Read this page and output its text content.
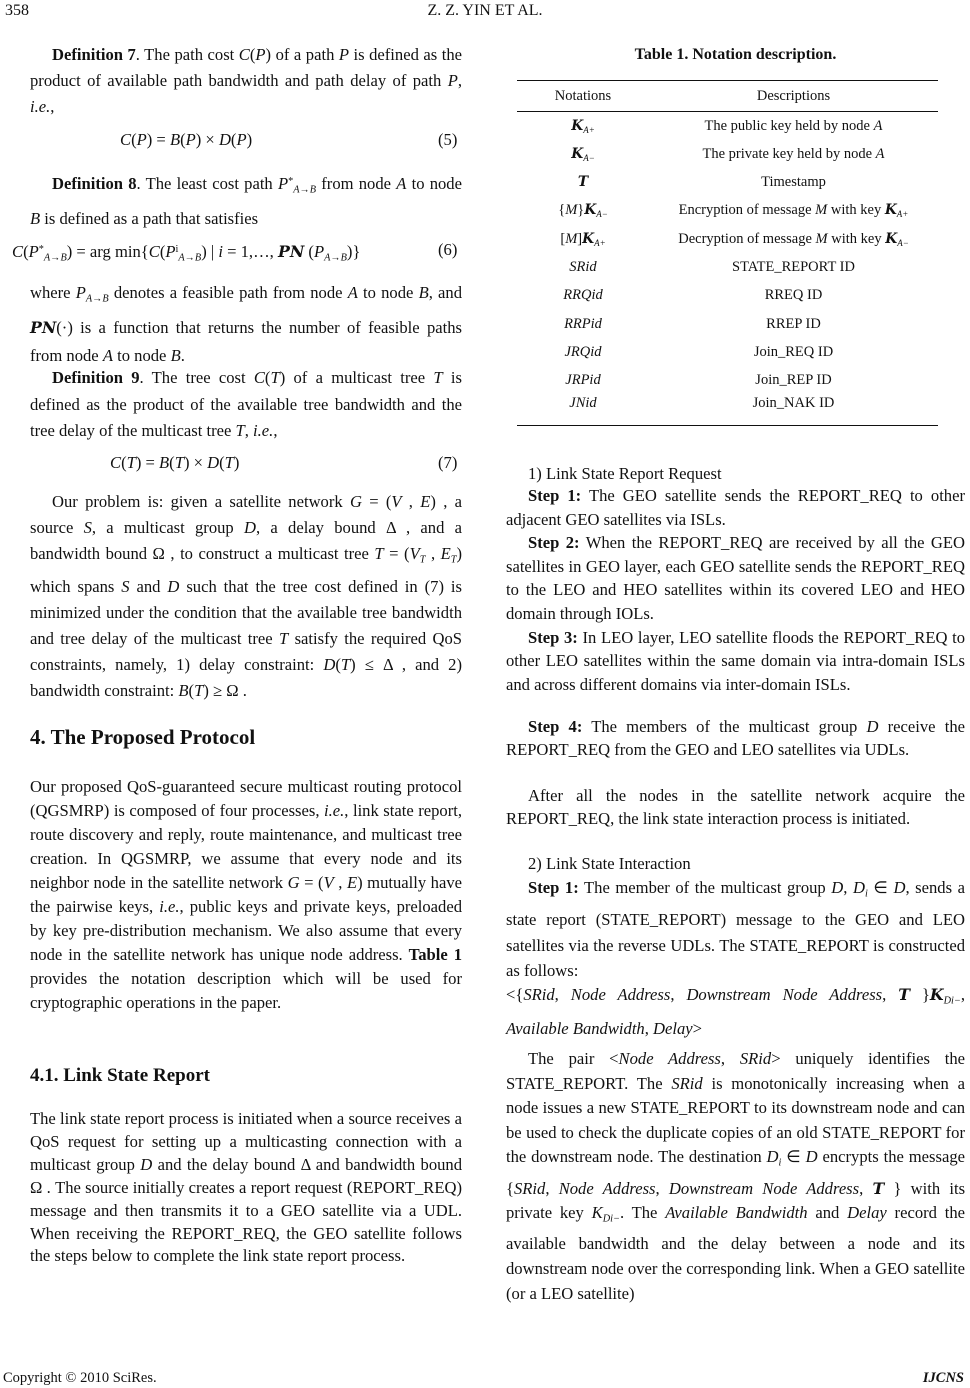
358	Z. Z. YIN ET AL.
Definition 7. The path cost C(P) of a path P is defined as the product of available path bandwidth and path delay of path P, i.e.,
C(P) = B(P) × D(P)	(5)
Definition 8. The least cost path $P^*_{A\to B}$ from node A to node B is defined as a path that satisfies
$C(P^*_{A\to B})$ = arg $\min\{C(P^i_{A\to B})$ | i = 1,…, PN $(P_{A\to B})$}	(6)
where $P_{A\to B}$ denotes a feasible path from node A to node B, and PN(·) is a function that returns the number of feasible paths from node A to node B.
Definition 9. The tree cost C(T) of a multicast tree T is defined as the product of the available tree bandwidth and the tree delay of the multicast tree T, i.e.,
C(T) = B(T) × D(T)	(7)
Our problem is: given a satellite network G = (V , E) , a source S, a multicast group D, a delay bound Δ , and a bandwidth bound Ω , to construct a multicast tree $T = (V_T$ , $E_T$) which spans S and D such that the tree cost defined in (7) is minimized under the condition that the available tree bandwidth and tree delay of the multicast tree T satisfy the required QoS constraints, namely, 1) delay constraint: D(T) ≤ Δ , and 2) bandwidth constraint: B(T) ≥ Ω .
4. The Proposed Protocol
Our proposed QoS-guaranteed secure multicast routing protocol (QGSMRP) is composed of four processes, i.e., link state report, route discovery and reply, route maintenance, and multicast tree creation. In QGSMRP, we assume that every node and its neighbor node in the satellite network G = (V , E) mutually have the pairwise keys, i.e., public keys and private keys, preloaded by key pre-distribution mechanism. We also assume that every node in the satellite network has unique node address. Table 1 provides the notation description which will be used for cryptographic operations in the paper.
4.1. Link State Report
The link state report process is initiated when a source receives a QoS request for setting up a multicasting connection with a multicast group D and the delay bound Δ and bandwidth bound Ω . The source initially creates a report request (REPORT_REQ) message and then transmits it to a GEO satellite via a UDL. When receiving the REPORT_REQ, the GEO satellite follows the steps below to complete the link state report process.
Table 1. Notation description.
Notations	Descriptions
$K_{A+}$	The public key held by node A
$K_{A-}$	The private key held by node A
T	Timestamp
$\{M\}K_{A-}$	Encryption of message M with key $K_{A+}$
$[M]K_{A+}$	Decryption of message M with key $K_{A-}$
SRid	STATE_REPORT ID
RRQid	RREQ ID
RRPid	RREP ID
JRQid	Join_REQ ID
JRPid	Join_REP ID
JNid	Join_NAK ID
1) Link State Report Request
Step 1: The GEO satellite sends the REPORT_REQ to other adjacent GEO satellites via ISLs.
Step 2: When the REPORT_REQ are received by all the GEO satellites in GEO layer, each GEO satellite sends the REPORT_REQ to the LEO and HEO satellites within its covered LEO and HEO domain through IOLs.
Step 3: In LEO layer, LEO satellite floods the REPORT_REQ to other LEO satellites within the same domain via intra-domain ISLs and across different domains via inter-domain ISLs.
Step 4: The members of the multicast group D receive the REPORT_REQ from the GEO and LEO satellites via UDLs.
After all the nodes in the satellite network acquire the REPORT_REQ, the link state interaction process is initiated.
2) Link State Interaction
Step 1: The member of the multicast group D, $D_i$ ∈ D, sends a state report (STATE_REPORT) message to the GEO and LEO satellites via the reverse UDLs. The STATE_REPORT is constructed as follows:
<{SRid, Node Address, Downstream Node Address, T }$K_{Di-}$, Available Bandwidth, Delay>
The pair <Node Address, SRid> uniquely identifies the STATE_REPORT. The SRid is monotonically increasing when a node issues a new STATE_REPORT to its downstream node and can be used to check the duplicate copies of an old STATE_REPORT for the downstream node. The destination $D_i$ ∈ D encrypts the message {SRid, Node Address, Downstream Node Address, T } with its private key $K_{Di-}$. The Available Bandwidth and Delay record the available bandwidth and the delay between a node and its downstream node over the corresponding link. When a GEO satellite (or a LEO satellite)
Copyright © 2010 SciRes.	IJCNS
